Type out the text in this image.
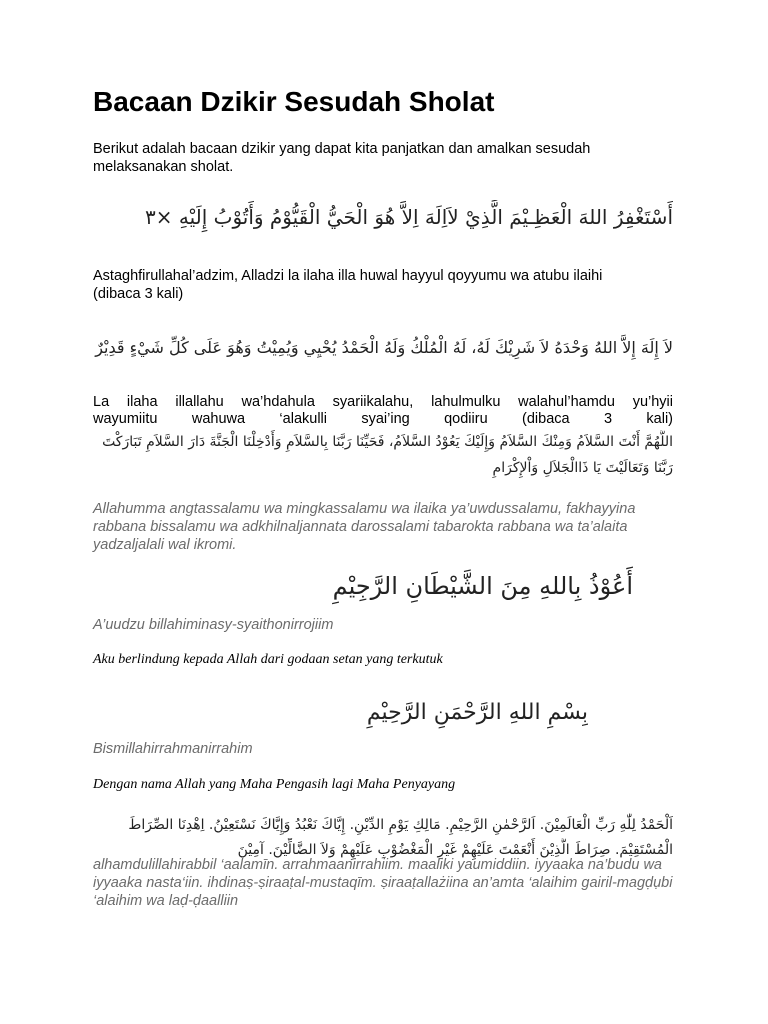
Bacaan Dzikir Sesudah Sholat
Berikut adalah bacaan dzikir yang dapat kita panjatkan dan amalkan sesudah melaksanakan sholat.
أَسْتَغْفِرُ اللهَ الْعَظِـيْمَ الَّذِيْ لاَاِلَهَ اِلاَّ هُوَ الْحَيُّ الْقَيُّوْمُ وَأَتُوْبُ إِلَيْهِ ×٣
Astaghfirullahal’adzim, Alladzi la ilaha illa huwal hayyul qoyyumu wa atubu ilaihi
(dibaca 3 kali)
لاَ إِلَهَ إِلاَّ اللهُ وَحْدَهُ لاَ شَرِيْكَ لَهُ، لَهُ الْمُلْكُ وَلَهُ الْحَمْدُ يُحْيِي وَيُمِيْتُ وَهُوَ عَلَى كُلِّ شَيْءٍ قَدِيْرٌ
La ilaha illallahu wa’hdahula syariikalahu, lahulmulku walahul’hamdu yu’hyii
wayumiitu wahuwa ‘alakulli syai’ing qodiiru (dibaca 3 kali)
اللَّهُمَّ أَنْتَ السَّلاَمُ وَمِنْكَ السَّلاَمُ وَإِلَيْكَ يَعُوْدُ السَّلاَمُ، فَحَيِّنَا رَبَّنَا بِالسَّلاَمِ وَأَدْخِلْنَا الْجَنَّةَ دَارَ السَّلاَمِ تَبَارَكْتَ
رَبَّنَا وَتَعَالَيْتَ يَا ذَاالْجَلاَلِ وَاْلإِكْرَامِ
Allahumma angtassalamu wa mingkassalamu wa ilaika ya’uwdussalamu, fakhayyina rabbana bissalamu wa adkhilnaljannata darossalami tabarokta rabbana wa ta’alaita yadzaljalali wal ikromi.
أَعُوْذُ بِاللهِ مِنَ الشَّيْطَانِ الرَّجِيْمِ
A’uudzu billahiminasy-syaithonirrojiim
Aku berlindung kepada Allah dari godaan setan yang terkutuk
بِسْمِ اللهِ الرَّحْمَنِ الرَّحِيْمِ
Bismillahirrahmanirrahim
Dengan nama Allah yang Maha Pengasih lagi Maha Penyayang
اَلْحَمْدُ لِلّٰهِ رَبِّ الْعَالَمِيْنَ. اَلرَّحْمٰنِ الرَّحِيْمِ. مَالِكِ يَوْمِ الدِّيْنِ. إِيَّاكَ نَعْبُدُ وَإِيَّاكَ نَسْتَعِيْنُ. اِهْدِنَا الصِّرَاطَ
الْمُسْتَقِيْمَ. صِرَاطَ الَّذِيْنَ أَنْعَمْتَ عَلَيْهِمْ غَيْرِ الْمَغْضُوْبِ عَلَيْهِمْ وَلاَ الضَّالِّيْنَ. آمِيْنَ
alhamdulillahirabbil ‘aalamīn. arrahmaanirrahiim. maaliki yaumiddiin. iyyaaka na’budu wa iyyaaka nasta‘iin. ihdinaṣ-ṣiraaṭal-mustaqīm. ṣiraaṭallażiina an’amta ‘alaihim gairil-magḍụbi ‘alaihim wa laḍ-ḍaalliin
